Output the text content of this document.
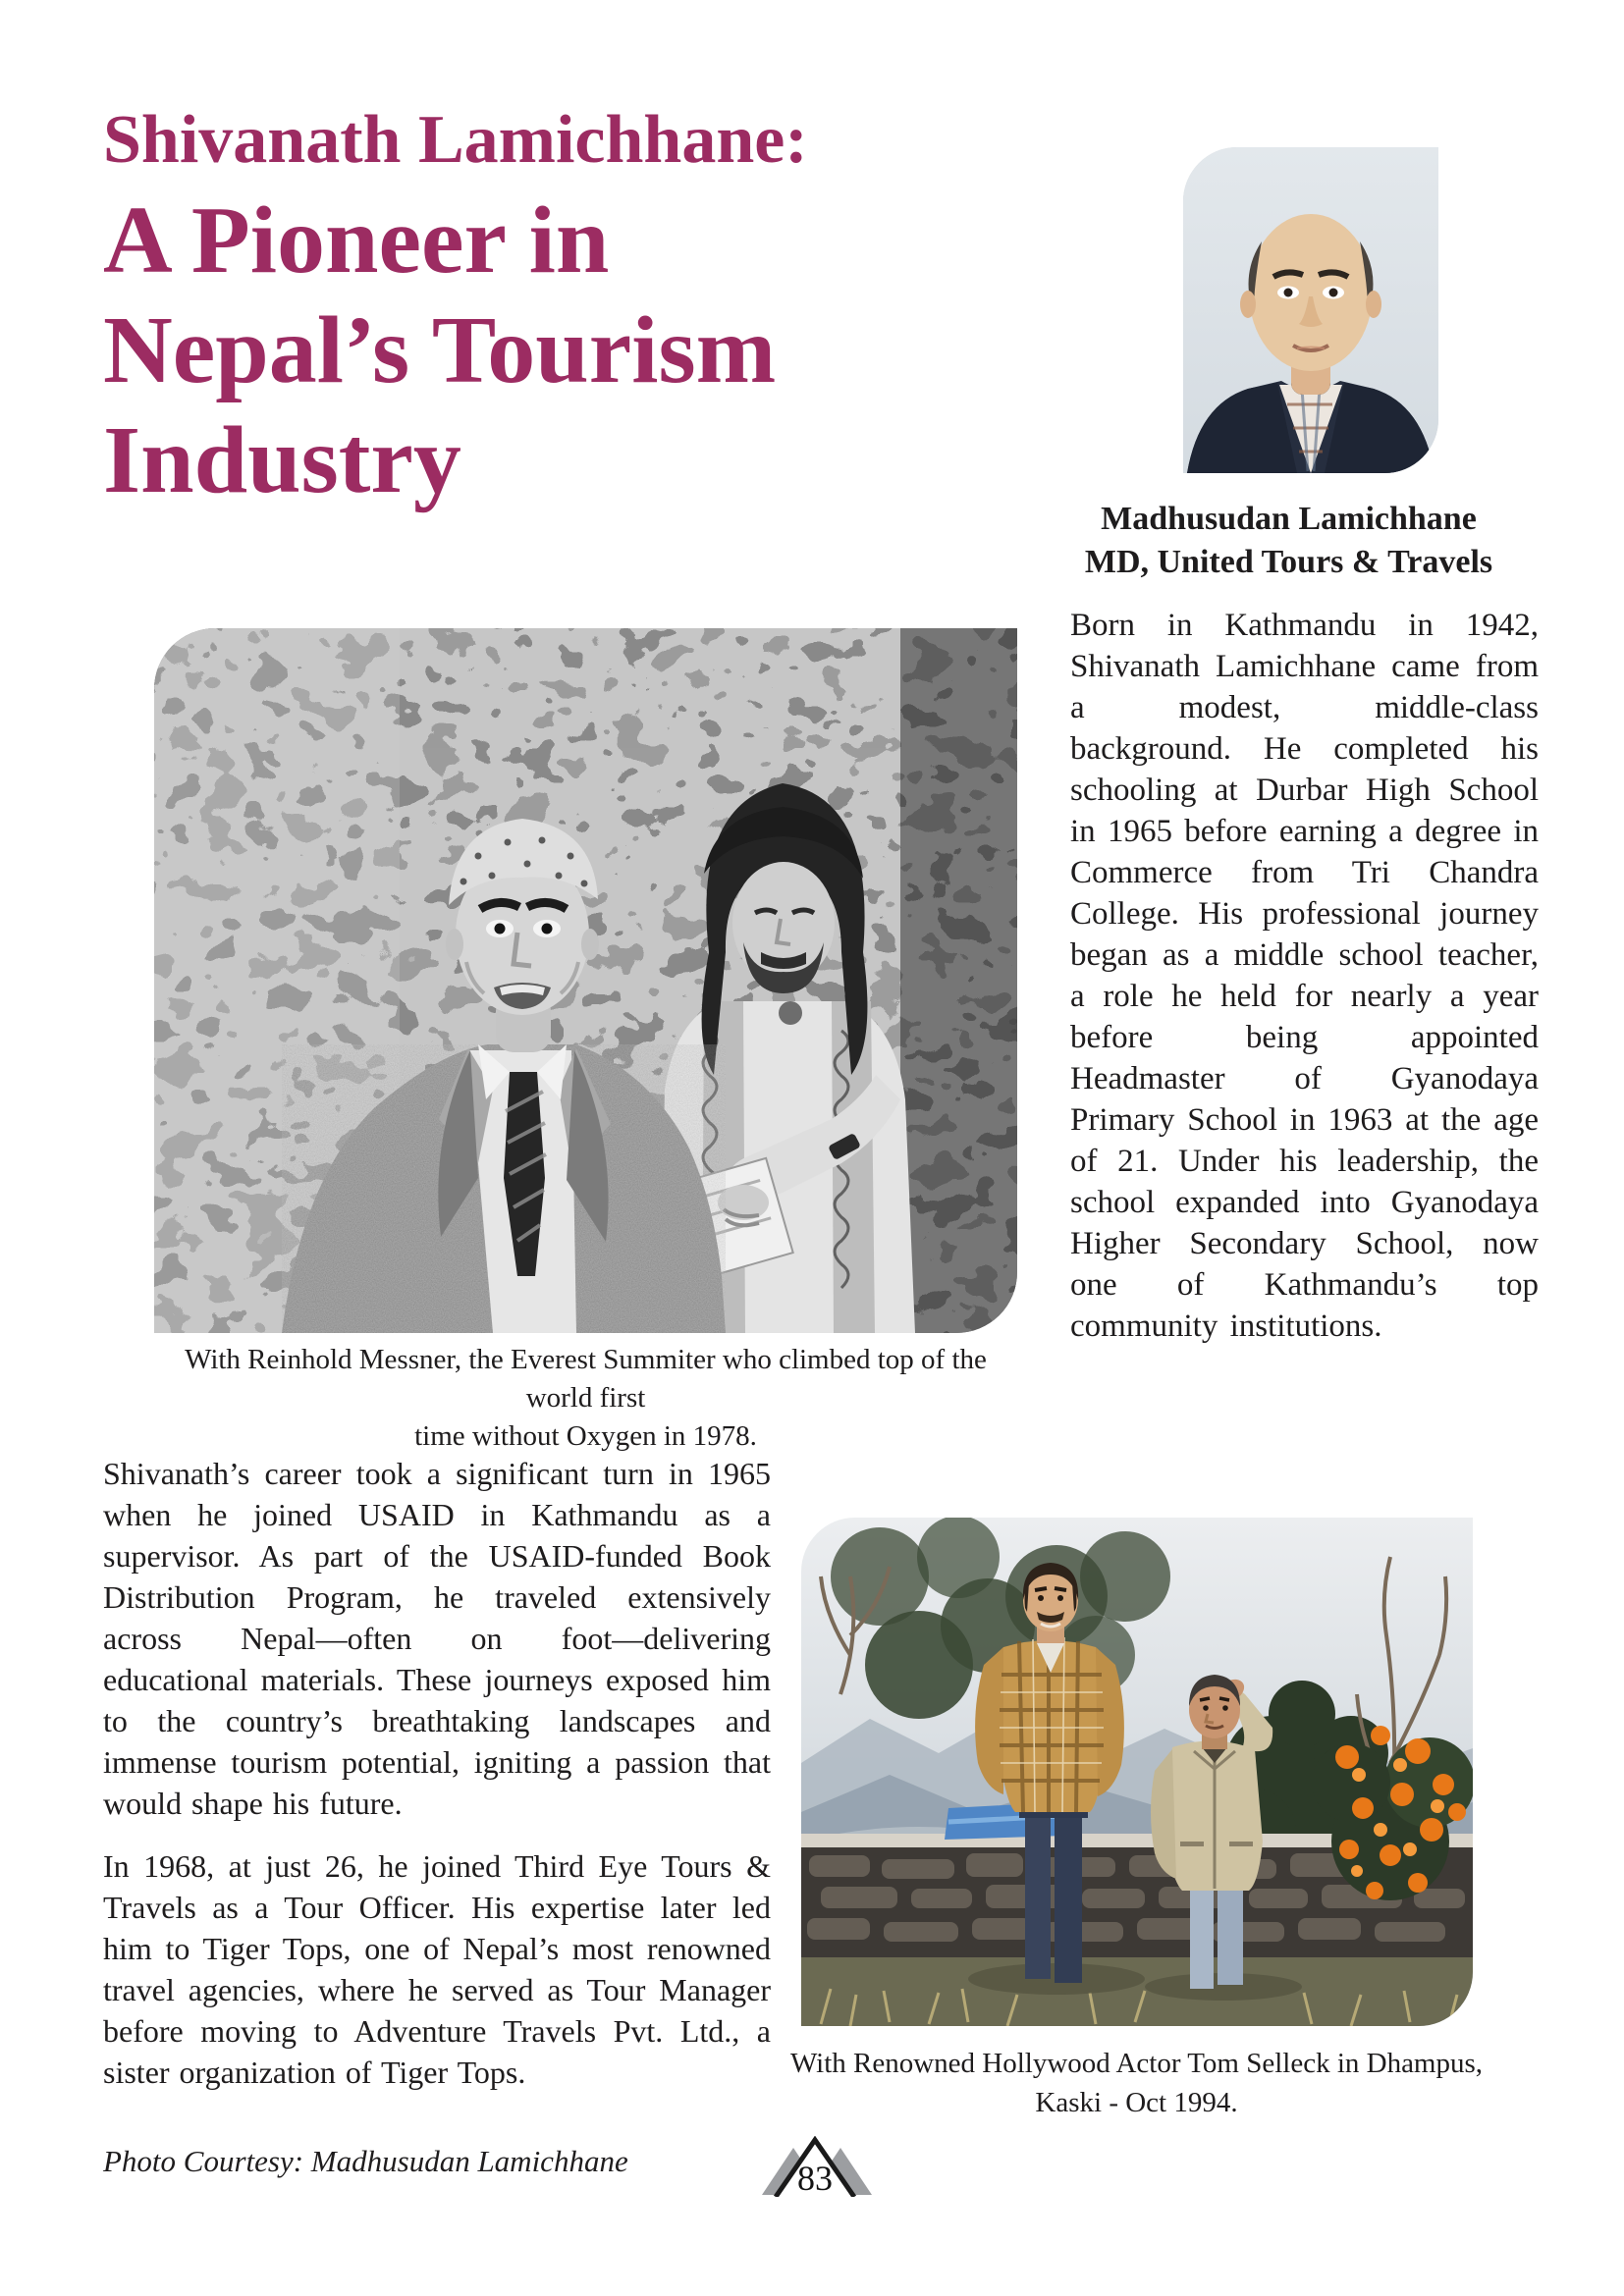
Shivanath Lamichhane:
A Pioneer in
Nepal’s Tourism
Industry
Madhusudan Lamichhane
MD, United Tours & Travels

Born in Kathmandu in 1942, Shivanath Lamichhane came from a modest, middle-class background. He completed his schooling at Durbar High School in 1965 before earning a degree in Commerce from Tri Chandra College. His professional journey began as a middle school teacher, a role he held for nearly a year before being appointed Headmaster of Gyanodaya Primary School in 1963 at the age of 21. Under his leadership, the school expanded into Gyanodaya Higher Secondary School, now one of Kathmandu’s top community institutions.

With Reinhold Messner, the Everest Summiter who climbed top of the world first
time without Oxygen in 1978.

Shivanath’s career took a significant turn in 1965 when he joined USAID in Kathmandu as a supervisor. As part of the USAID-funded Book Distribution Program, he traveled extensively across Nepal—often on foot—delivering educational materials. These journeys exposed him to the country’s breathtaking landscapes and immense tourism potential, igniting a passion that would shape his future.

In 1968, at just 26, he joined Third Eye Tours & Travels as a Tour Officer. His expertise later led him to Tiger Tops, one of Nepal’s most renowned travel agencies, where he served as Tour Manager before moving to Adventure Travels Pvt. Ltd., a sister organization of Tiger Tops.	With Renowned Hollywood Actor Tom Selleck in Dhampus,
Kaski - Oct 1994.
Photo Courtesy: Madhusudan Lamichhane	83
